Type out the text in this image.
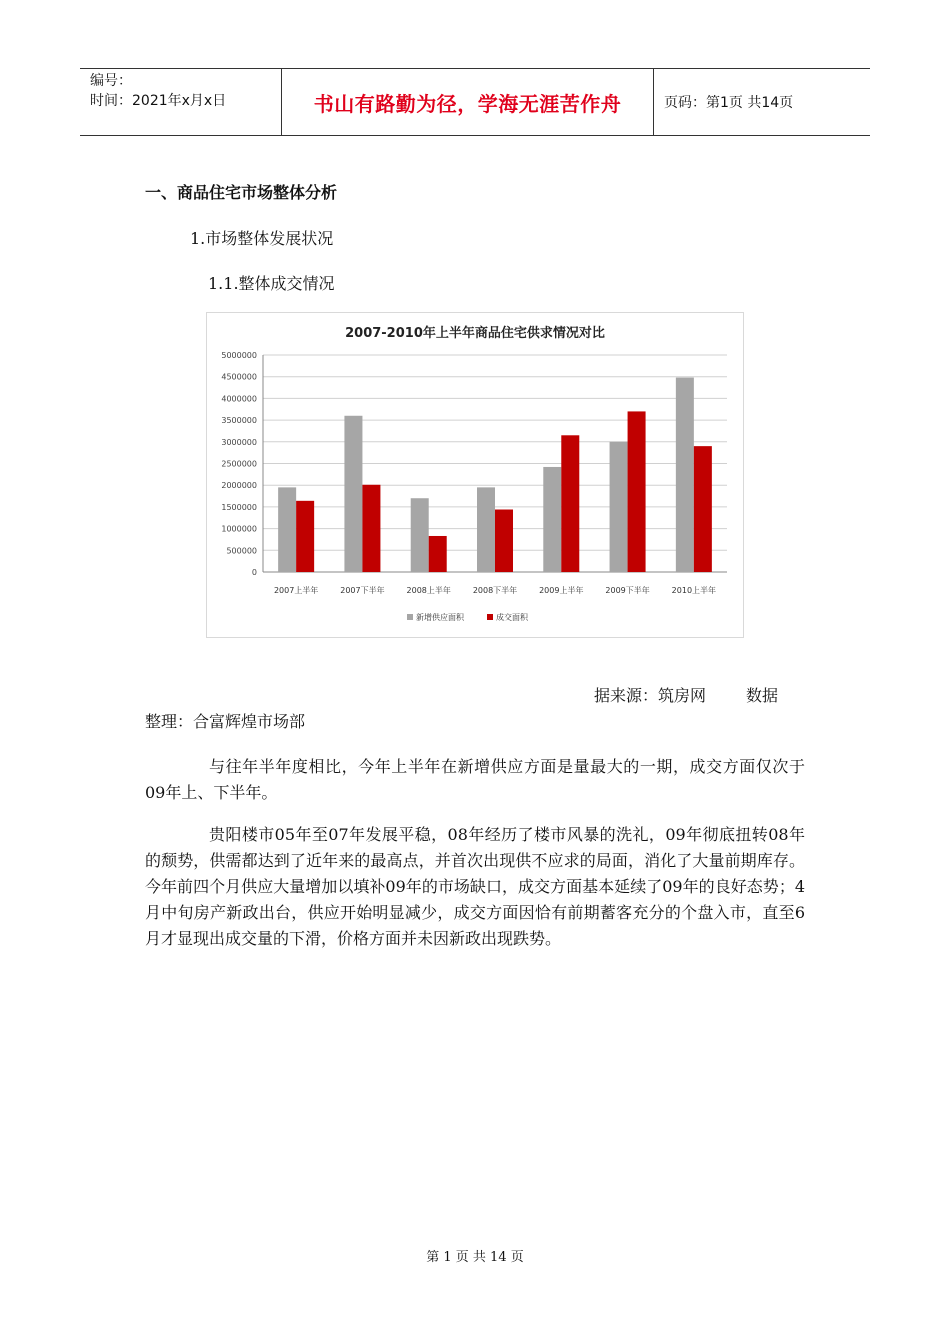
编号：
时间：2021年x月x日	书山有路勤为径，学海无涯苦作舟	页码：第1页 共14页
一、商品住宅市场整体分析
1.市场整体发展状况
1.1.整体成交情况
2007-2010年上半年商品住宅供求情况对比
0
500000
1000000
1500000
2000000
2500000
3000000
3500000
4000000
4500000
5000000
2007上半年	2007下半年	2008上半年	2008下半年	2009上半年	2009下半年	2010上半年
新增供应面积	成交面积
据来源：筑房网	数据
整理：合富辉煌市场部
与往年半年度相比，今年上半年在新增供应方面是量最大的一期，成交方面仅次于09年上、下半年。
贵阳楼市05年至07年发展平稳，08年经历了楼市风暴的洗礼，09年彻底扭转08年的颓势，供需都达到了近年来的最高点，并首次出现供不应求的局面，消化了大量前期库存。今年前四个月供应大量增加以填补09年的市场缺口，成交方面基本延续了09年的良好态势；4月中旬房产新政出台，供应开始明显减少，成交方面因恰有前期蓄客充分的个盘入市，直至6月才显现出成交量的下滑，价格方面并未因新政出现跌势。
第 1 页 共 14 页
